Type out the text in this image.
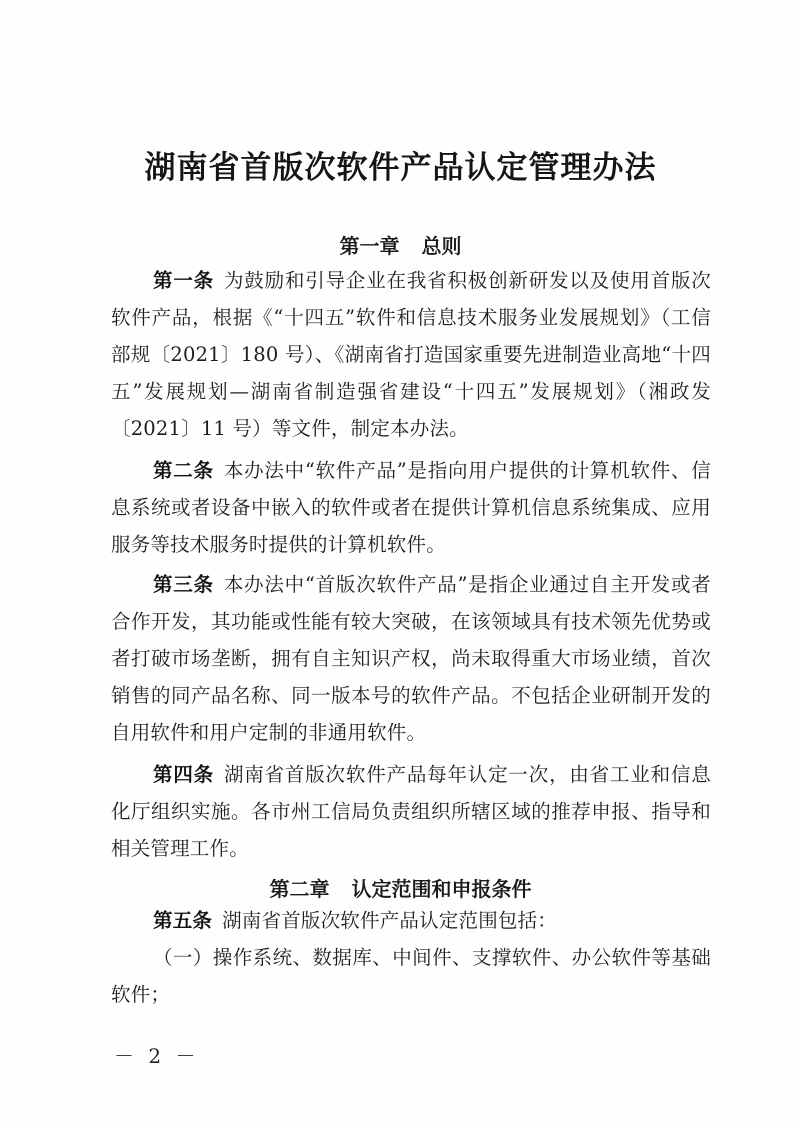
湖南省首版次软件产品认定管理办法
第一章 总则
第一条 为鼓励和引导企业在我省积极创新研发以及使用首版次软件产品，根据《“十四五”软件和信息技术服务业发展规划》（工信部规〔2021〕180 号）、《湖南省打造国家重要先进制造业高地“十四五”发展规划—湖南省制造强省建设“十四五”发展规划》（湘政发〔2021〕11 号）等文件，制定本办法。
第二条 本办法中“软件产品”是指向用户提供的计算机软件、信息系统或者设备中嵌入的软件或者在提供计算机信息系统集成、应用服务等技术服务时提供的计算机软件。
第三条 本办法中“首版次软件产品”是指企业通过自主开发或者合作开发，其功能或性能有较大突破，在该领域具有技术领先优势或者打破市场垄断，拥有自主知识产权，尚未取得重大市场业绩，首次销售的同产品名称、同一版本号的软件产品。不包括企业研制开发的自用软件和用户定制的非通用软件。
第四条 湖南省首版次软件产品每年认定一次，由省工业和信息化厅组织实施。各市州工信局负责组织所辖区域的推荐申报、指导和相关管理工作。
第二章 认定范围和申报条件
第五条 湖南省首版次软件产品认定范围包括：
（一）操作系统、数据库、中间件、支撑软件、办公软件等基础软件；
－ 2 －
